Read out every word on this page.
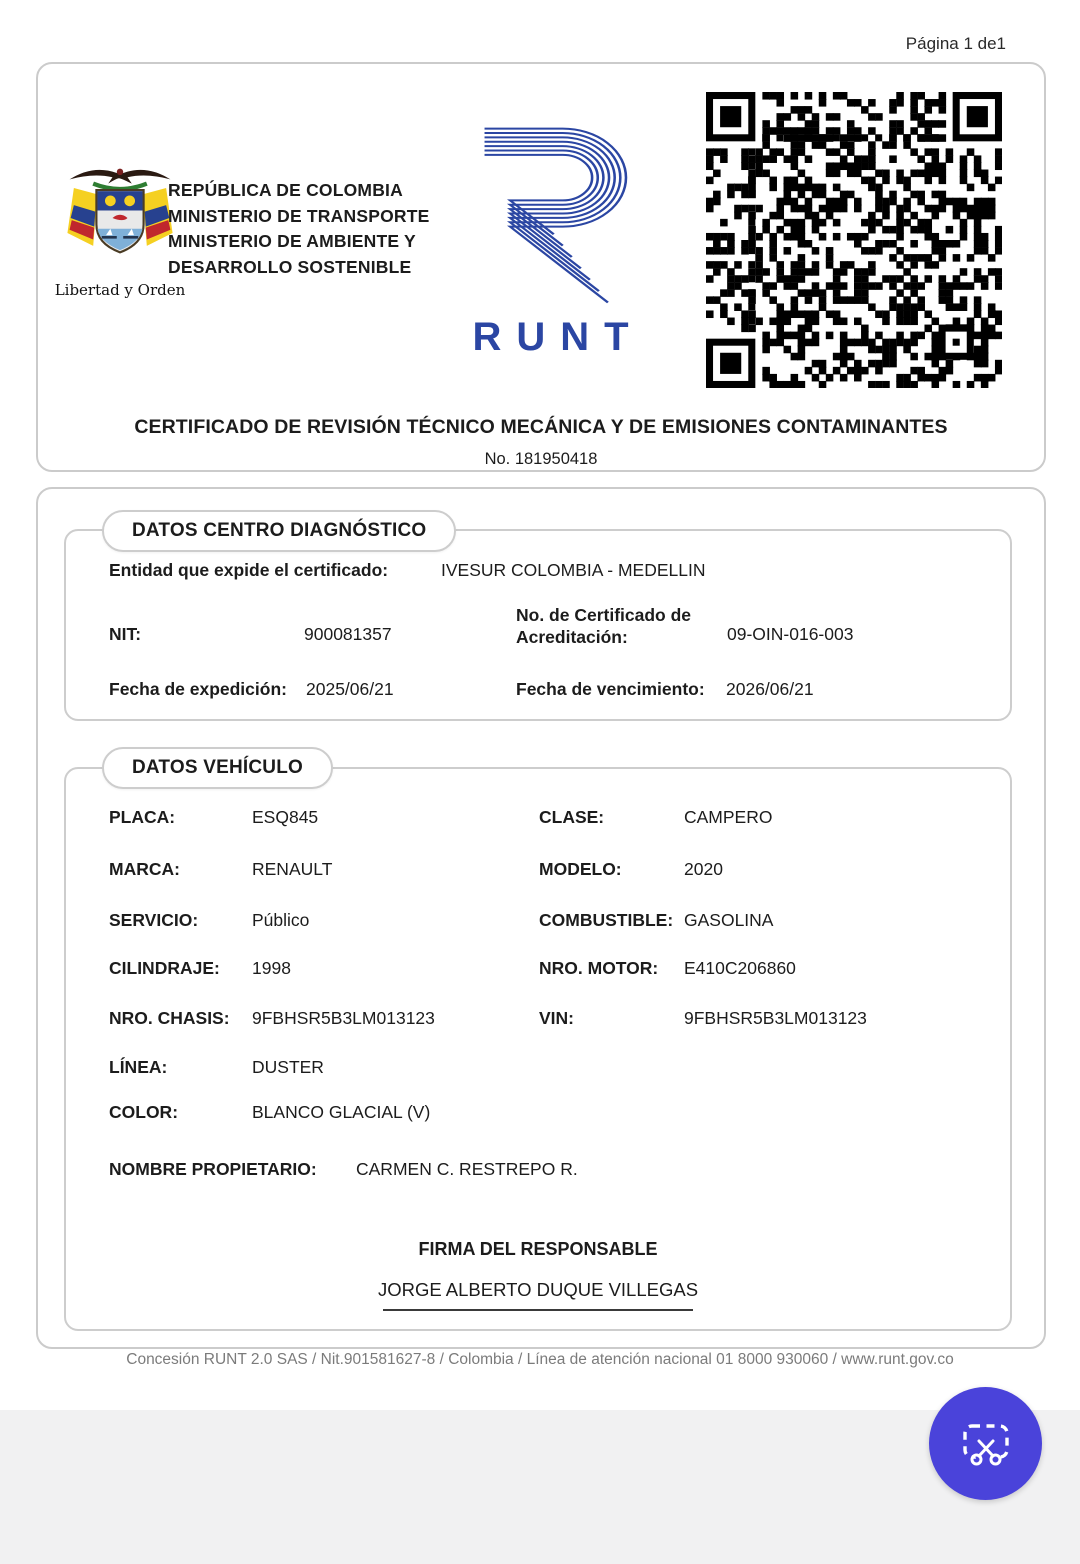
Página 1 de1
Libertad y Orden
REPÚBLICA DE COLOMBIA
MINISTERIO DE TRANSPORTE
MINISTERIO DE AMBIENTE Y
DESARROLLO SOSTENIBLE
RUNT
CERTIFICADO DE REVISIÓN TÉCNICO MECÁNICA Y DE EMISIONES CONTAMINANTES
No. 181950418
DATOS CENTRO DIAGNÓSTICO
Entidad que expide el certificado:	IVESUR COLOMBIA - MEDELLIN
NIT:	900081357
No. de Certificado de Acreditación:	09-OIN-016-003
Fecha de expedición: 2025/06/21	Fecha de vencimiento: 2026/06/21
DATOS VEHÍCULO
PLACA:	ESQ845	CLASE:	CAMPERO
MARCA:	RENAULT	MODELO:	2020
SERVICIO:	Público	COMBUSTIBLE: GASOLINA
CILINDRAJE: 1998	NRO. MOTOR: E410C206860
NRO. CHASIS: 9FBHSR5B3LM013123	VIN:	9FBHSR5B3LM013123
LÍNEA:	DUSTER
COLOR:	BLANCO GLACIAL (V)
NOMBRE PROPIETARIO: CARMEN C. RESTREPO R.
FIRMA DEL RESPONSABLE
JORGE ALBERTO DUQUE VILLEGAS
Concesión RUNT 2.0 SAS / Nit.901581627-8 / Colombia / Línea de atención nacional 01 8000 930060 / www.runt.gov.co
